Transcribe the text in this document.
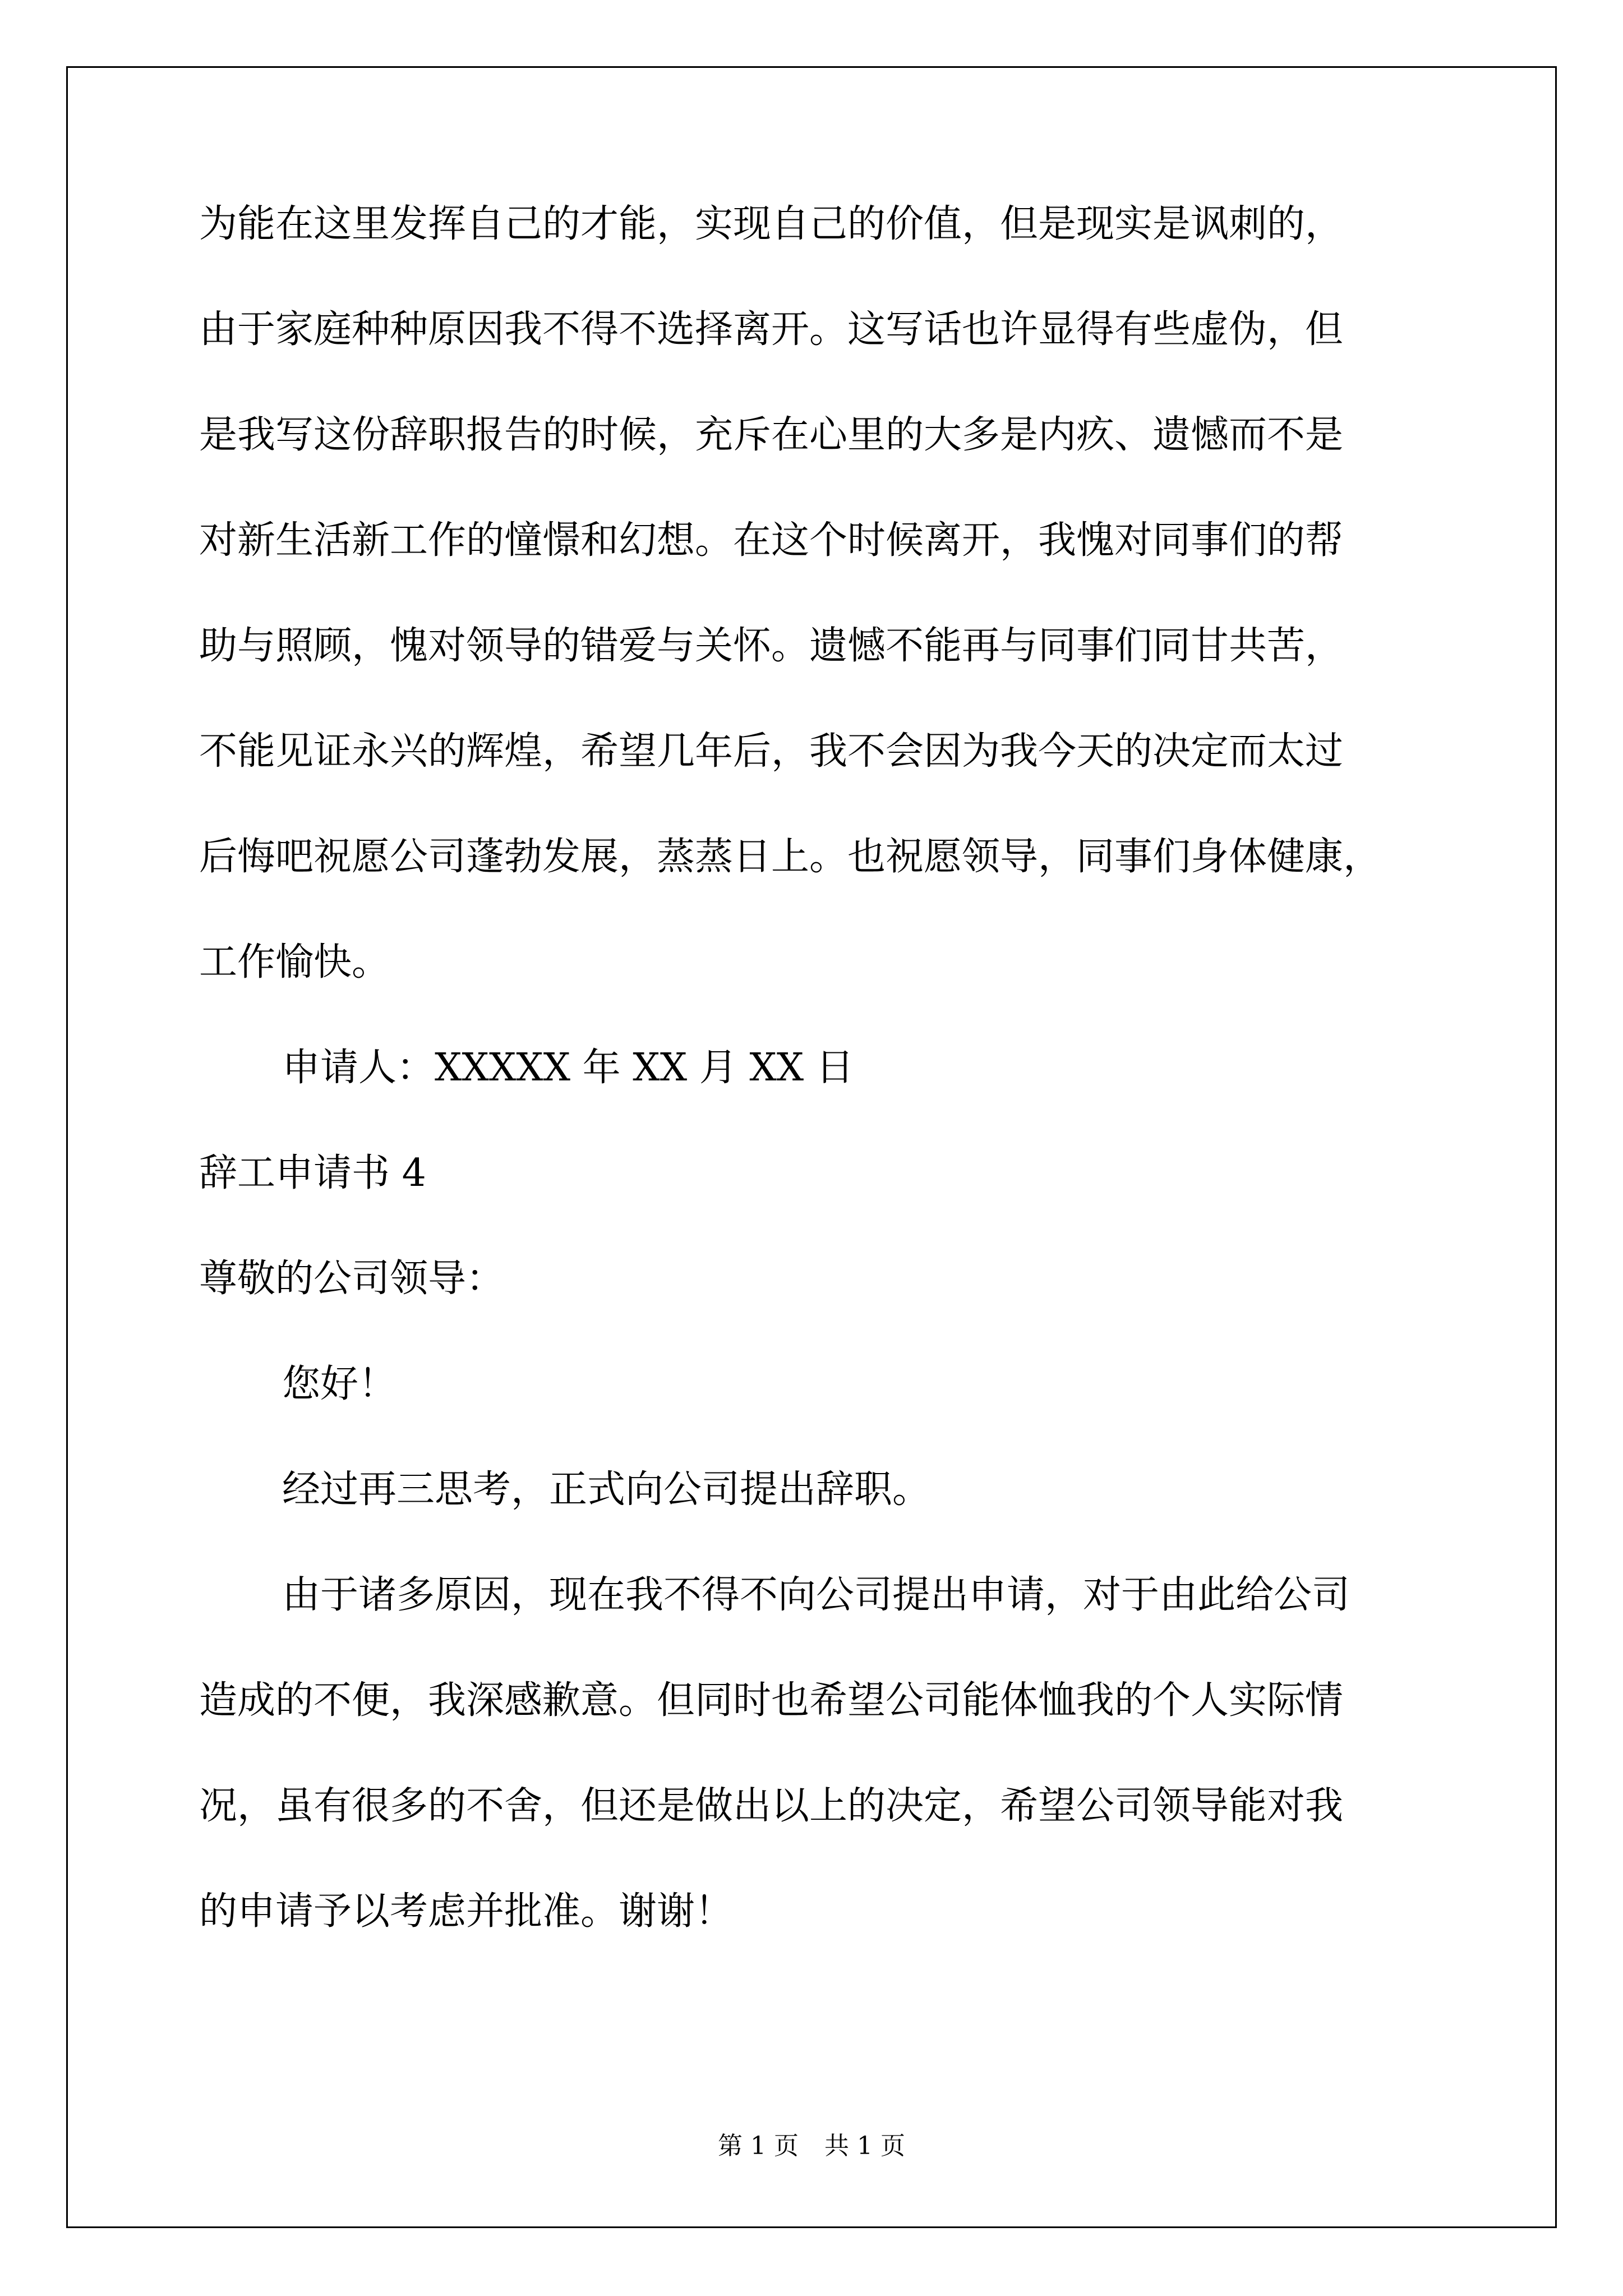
为能在这里发挥自己的才能，实现自己的价值，但是现实是讽刺的，
由于家庭种种原因我不得不选择离开。这写话也许显得有些虚伪，但
是我写这份辞职报告的时候，充斥在心里的大多是内疚、遗憾而不是
对新生活新工作的憧憬和幻想。在这个时候离开，我愧对同事们的帮
助与照顾，愧对领导的错爱与关怀。遗憾不能再与同事们同甘共苦，
不能见证永兴的辉煌，希望几年后，我不会因为我今天的决定而太过
后悔吧祝愿公司蓬勃发展，蒸蒸日上。也祝愿领导，同事们身体健康，
工作愉快。
申请人：XXXXX 年 XX 月 XX 日
辞工申请书 4
尊敬的公司领导：
您好！
经过再三思考，正式向公司提出辞职。
由于诸多原因，现在我不得不向公司提出申请，对于由此给公司
造成的不便，我深感歉意。但同时也希望公司能体恤我的个人实际情
况，虽有很多的不舍，但还是做出以上的决定，希望公司领导能对我
的申请予以考虑并批准。谢谢！
第 1 页 共 1 页
